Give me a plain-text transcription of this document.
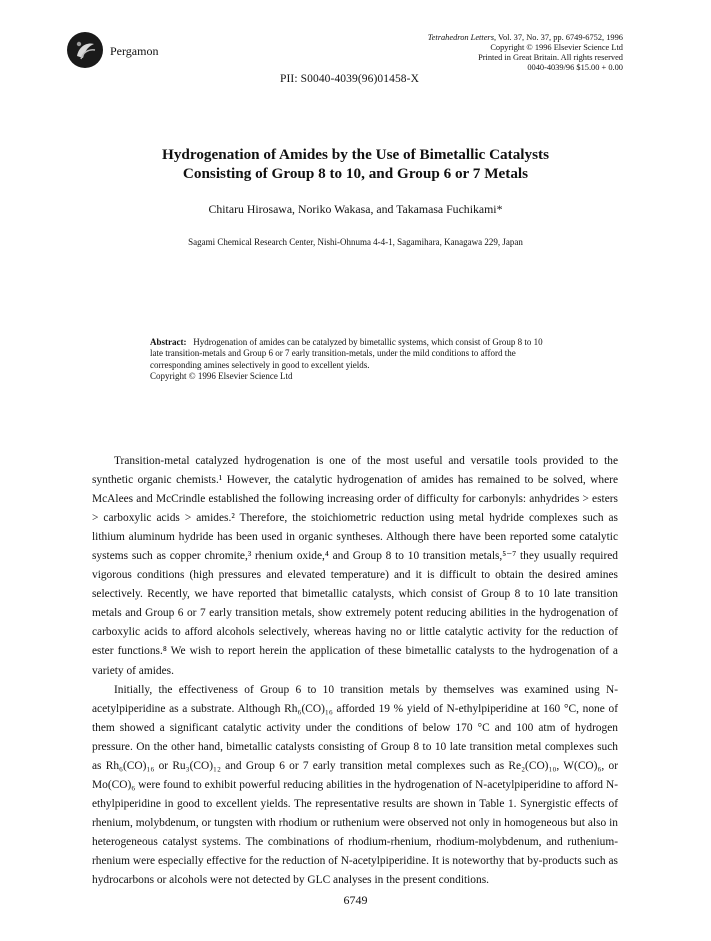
Pergamon
Tetrahedron Letters, Vol. 37, No. 37, pp. 6749-6752, 1996
Copyright © 1996 Elsevier Science Ltd
Printed in Great Britain. All rights reserved
0040-4039/96 $15.00 + 0.00
PII: S0040-4039(96)01458-X
Hydrogenation of Amides by the Use of Bimetallic Catalysts
Consisting of Group 8 to 10, and Group 6 or 7 Metals
Chitaru Hirosawa, Noriko Wakasa, and Takamasa Fuchikami*
Sagami Chemical Research Center, Nishi-Ohnuma 4-4-1, Sagamihara, Kanagawa 229, Japan
Abstract: Hydrogenation of amides can be catalyzed by bimetallic systems, which consist of Group 8 to 10 late transition-metals and Group 6 or 7 early transition-metals, under the mild conditions to afford the corresponding amines selectively in good to excellent yields.
Copyright © 1996 Elsevier Science Ltd

Transition-metal catalyzed hydrogenation is one of the most useful and versatile tools provided to the synthetic organic chemists.¹ However, the catalytic hydrogenation of amides has remained to be solved, where McAlees and McCrindle established the following increasing order of difficulty for carbonyls: anhydrides > esters > carboxylic acids > amides.² Therefore, the stoichiometric reduction using metal hydride complexes such as lithium aluminum hydride has been used in organic syntheses. Although there have been reported some catalytic systems such as copper chromite,³ rhenium oxide,⁴ and Group 8 to 10 transition metals,⁵⁻⁷ they usually required vigorous conditions (high pressures and elevated temperature) and it is difficult to obtain the desired amines selectively. Recently, we have reported that bimetallic catalysts, which consist of Group 8 to 10 late transition metals and Group 6 or 7 early transition metals, show extremely potent reducing abilities in the hydrogenation of carboxylic acids to afford alcohols selectively, whereas having no or little catalytic activity for the reduction of ester functions.⁸ We wish to report herein the application of these bimetallic catalysts to the hydrogenation of a variety of amides.

Initially, the effectiveness of Group 6 to 10 transition metals by themselves was examined using N-acetylpiperidine as a substrate. Although Rh₆(CO)₁₆ afforded 19 % yield of N-ethylpiperidine at 160 °C, none of them showed a significant catalytic activity under the conditions of below 170 °C and 100 atm of hydrogen pressure. On the other hand, bimetallic catalysts consisting of Group 8 to 10 late transition metal complexes such as Rh₆(CO)₁₆ or Ru₃(CO)₁₂ and Group 6 or 7 early transition metal complexes such as Re₂(CO)₁₀, W(CO)₆, or Mo(CO)₆ were found to exhibit powerful reducing abilities in the hydrogenation of N-acetylpiperidine to afford N-ethylpiperidine in good to excellent yields. The representative results are shown in Table 1. Synergistic effects of rhenium, molybdenum, or tungsten with rhodium or ruthenium were observed not only in homogeneous but also in heterogeneous catalyst systems. The combinations of rhodium-rhenium, rhodium-molybdenum, and ruthenium-rhenium were especially effective for the reduction of N-acetylpiperidine. It is noteworthy that by-products such as hydrocarbons or alcohols were not detected by GLC analyses in the present conditions.

6749
